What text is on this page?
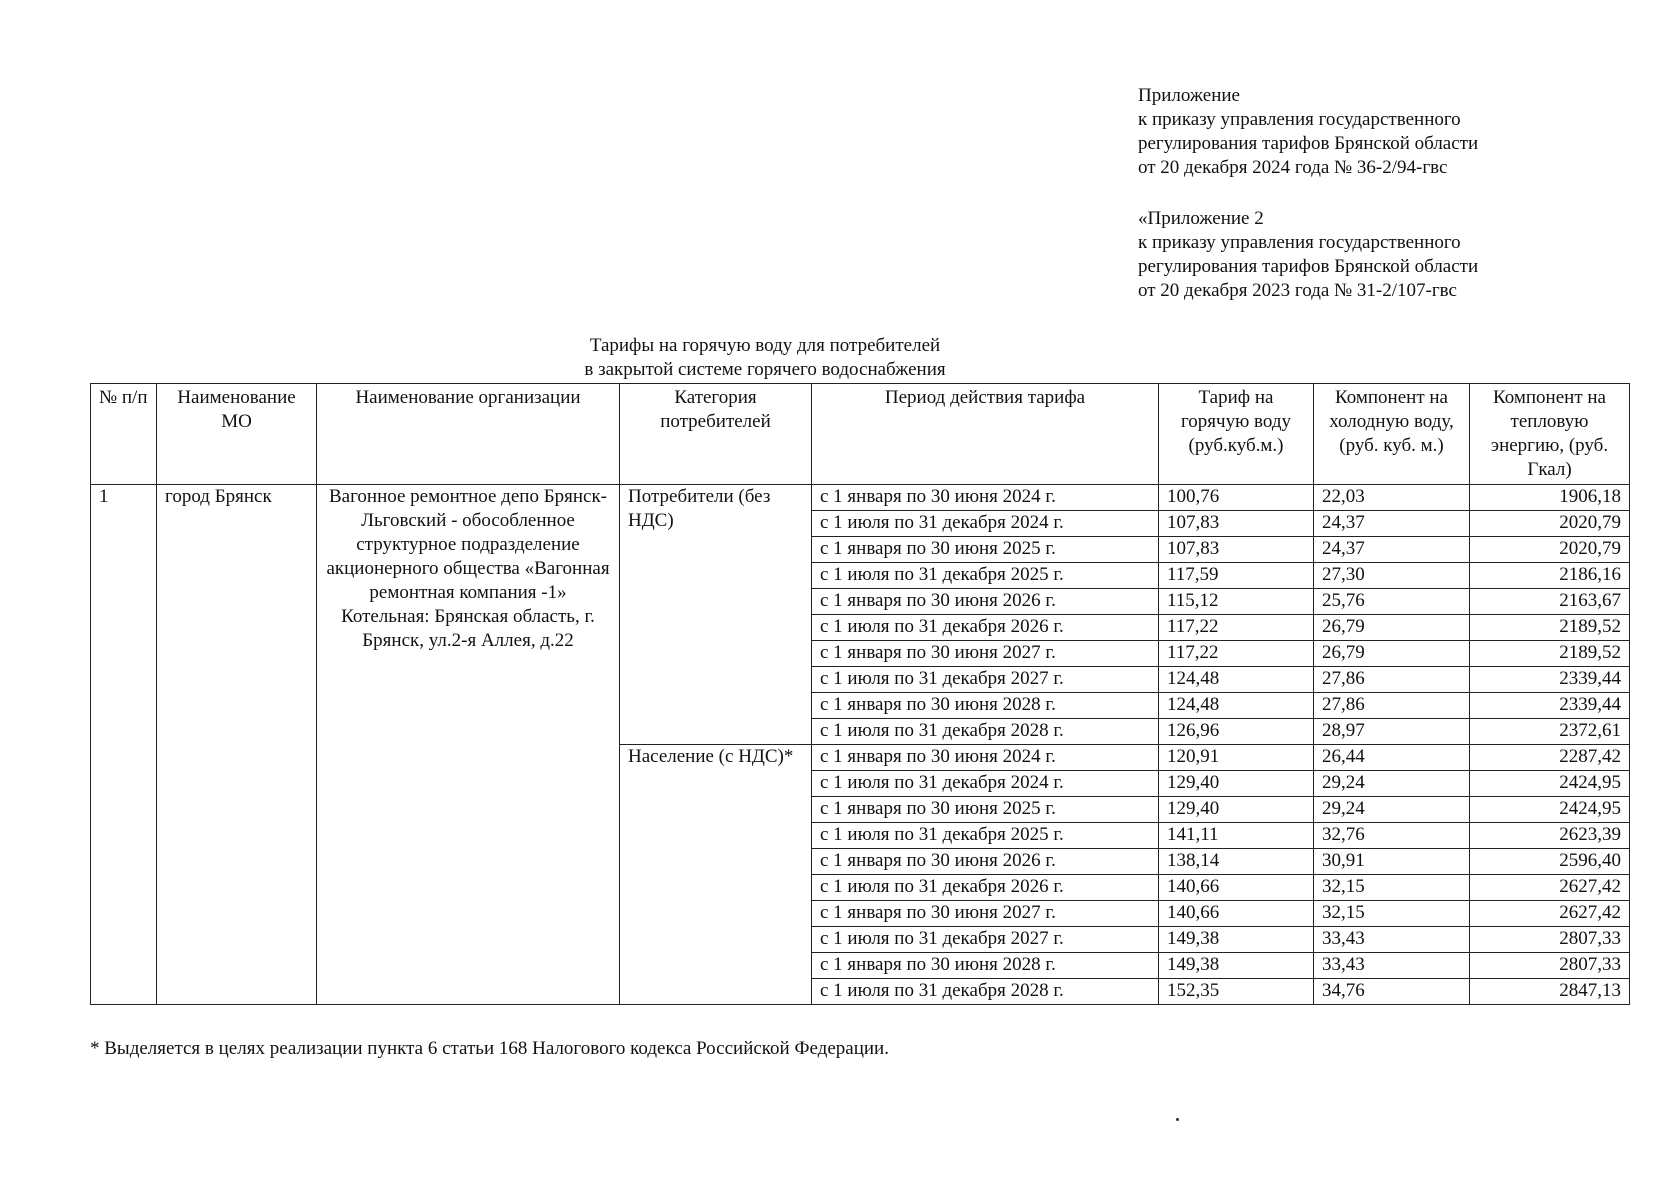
Приложение
к приказу управления государственного
регулирования тарифов Брянской области
от 20 декабря 2024 года № 36-2/94-гвс
«Приложение 2
к приказу управления государственного
регулирования тарифов Брянской области
от 20 декабря 2023 года № 31-2/107-гвс
Тарифы на горячую воду для потребителей
в закрытой системе горячего водоснабжения
№ п/п	Наименование МО	Наименование организации	Категория потребителей	Период действия тарифа	Тариф на горячую воду (руб.куб.м.)	Компонент на холодную воду, (руб. куб. м.)	Компонент на тепловую энергию, (руб. Гкал)
1	город Брянск	Вагонное ремонтное депо Брянск-Льговский - обособленное структурное подразделение акционерного общества «Вагонная ремонтная компания -1» Котельная: Брянская область, г. Брянск, ул.2-я Аллея, д.22	Потребители (без НДС)	с 1 января по 30 июня 2024 г.	100,76	22,03	1906,18
				с 1 июля по 31 декабря 2024 г.	107,83	24,37	2020,79
				с 1 января по 30 июня 2025 г.	107,83	24,37	2020,79
				с 1 июля по 31 декабря 2025 г.	117,59	27,30	2186,16
				с 1 января по 30 июня 2026 г.	115,12	25,76	2163,67
				с 1 июля по 31 декабря 2026 г.	117,22	26,79	2189,52
				с 1 января по 30 июня 2027 г.	117,22	26,79	2189,52
				с 1 июля по 31 декабря 2027 г.	124,48	27,86	2339,44
				с 1 января по 30 июня 2028 г.	124,48	27,86	2339,44
				с 1 июля по 31 декабря 2028 г.	126,96	28,97	2372,61
			Население (с НДС)*	с 1 января по 30 июня 2024 г.	120,91	26,44	2287,42
				с 1 июля по 31 декабря 2024 г.	129,40	29,24	2424,95
				с 1 января по 30 июня 2025 г.	129,40	29,24	2424,95
				с 1 июля по 31 декабря 2025 г.	141,11	32,76	2623,39
				с 1 января по 30 июня 2026 г.	138,14	30,91	2596,40
				с 1 июля по 31 декабря 2026 г.	140,66	32,15	2627,42
				с 1 января по 30 июня 2027 г.	140,66	32,15	2627,42
				с 1 июля по 31 декабря 2027 г.	149,38	33,43	2807,33
				с 1 января по 30 июня 2028 г.	149,38	33,43	2807,33
				с 1 июля по 31 декабря 2028 г.	152,35	34,76	2847,13
* Выделяется в целях реализации пункта 6 статьи 168 Налогового кодекса Российской Федерации.
